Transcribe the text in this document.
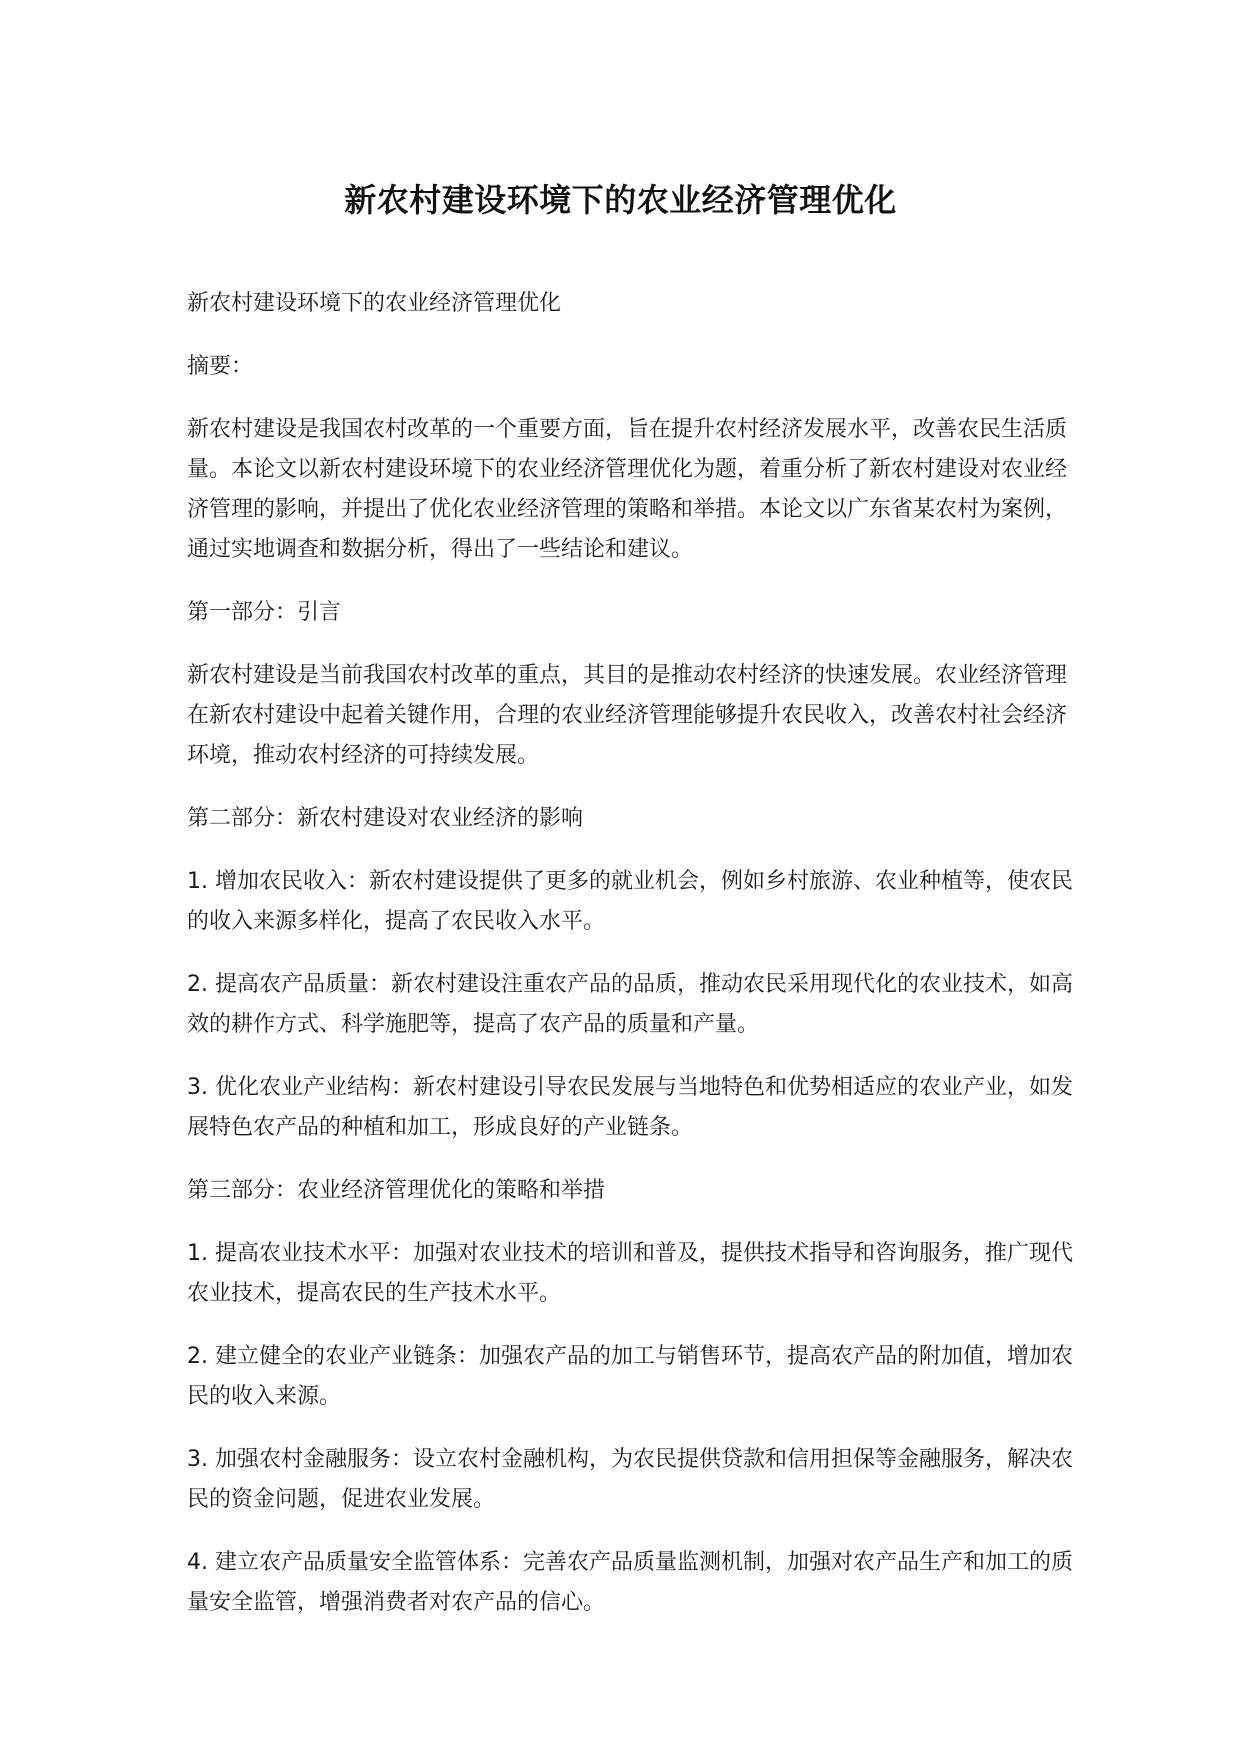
新农村建设环境下的农业经济管理优化

新农村建设环境下的农业经济管理优化

摘要：

新农村建设是我国农村改革的一个重要方面，旨在提升农村经济发展水平，改善农民生活质量。本论文以新农村建设环境下的农业经济管理优化为题，着重分析了新农村建设对农业经济管理的影响，并提出了优化农业经济管理的策略和举措。本论文以广东省某农村为案例，通过实地调查和数据分析，得出了一些结论和建议。

第一部分：引言

新农村建设是当前我国农村改革的重点，其目的是推动农村经济的快速发展。农业经济管理在新农村建设中起着关键作用，合理的农业经济管理能够提升农民收入，改善农村社会经济环境，推动农村经济的可持续发展。

第二部分：新农村建设对农业经济的影响

1. 增加农民收入：新农村建设提供了更多的就业机会，例如乡村旅游、农业种植等，使农民的收入来源多样化，提高了农民收入水平。

2. 提高农产品质量：新农村建设注重农产品的品质，推动农民采用现代化的农业技术，如高效的耕作方式、科学施肥等，提高了农产品的质量和产量。

3. 优化农业产业结构：新农村建设引导农民发展与当地特色和优势相适应的农业产业，如发展特色农产品的种植和加工，形成良好的产业链条。

第三部分：农业经济管理优化的策略和举措

1. 提高农业技术水平：加强对农业技术的培训和普及，提供技术指导和咨询服务，推广现代农业技术，提高农民的生产技术水平。

2. 建立健全的农业产业链条：加强农产品的加工与销售环节，提高农产品的附加值，增加农民的收入来源。

3. 加强农村金融服务：设立农村金融机构，为农民提供贷款和信用担保等金融服务，解决农民的资金问题，促进农业发展。

4. 建立农产品质量安全监管体系：完善农产品质量监测机制，加强对农产品生产和加工的质量安全监管，增强消费者对农产品的信心。
